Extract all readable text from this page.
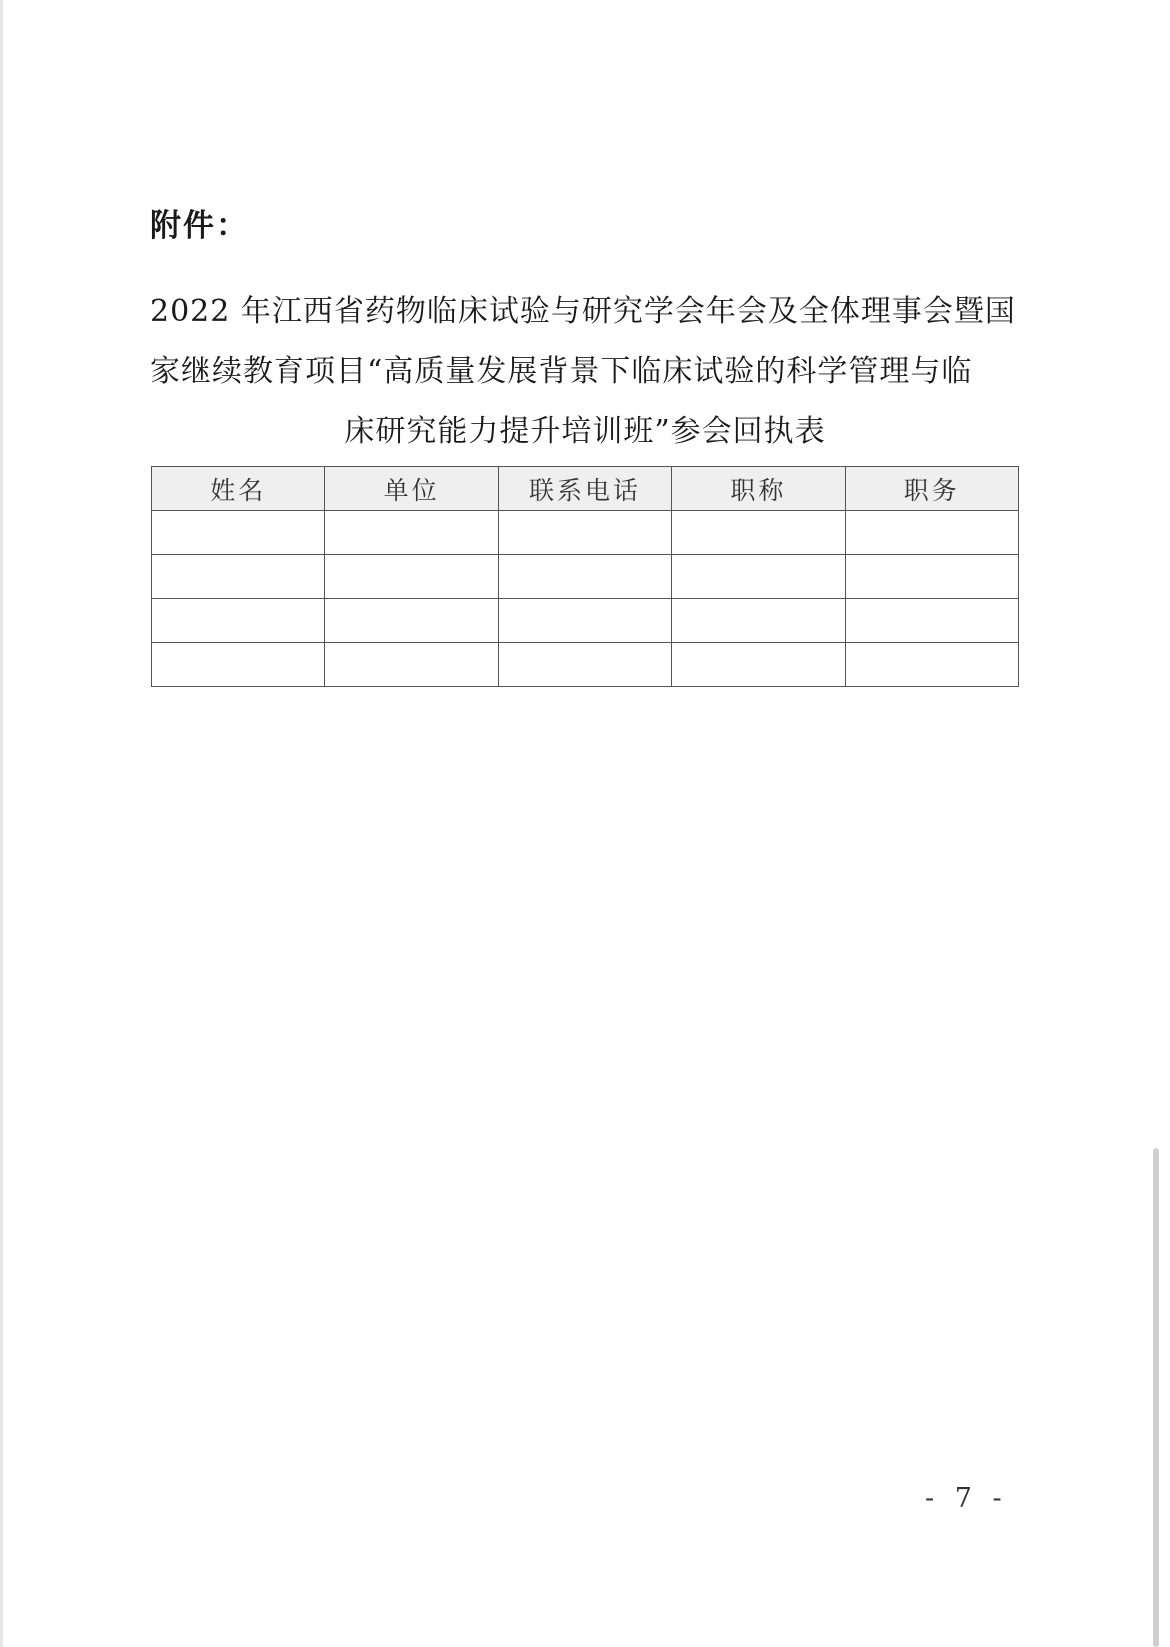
附件：
2022 年江西省药物临床试验与研究学会年会及全体理事会暨国
家继续教育项目“高质量发展背景下临床试验的科学管理与临
床研究能力提升培训班”参会回执表
姓名	单位	联系电话	职称	职务

- 7 -
